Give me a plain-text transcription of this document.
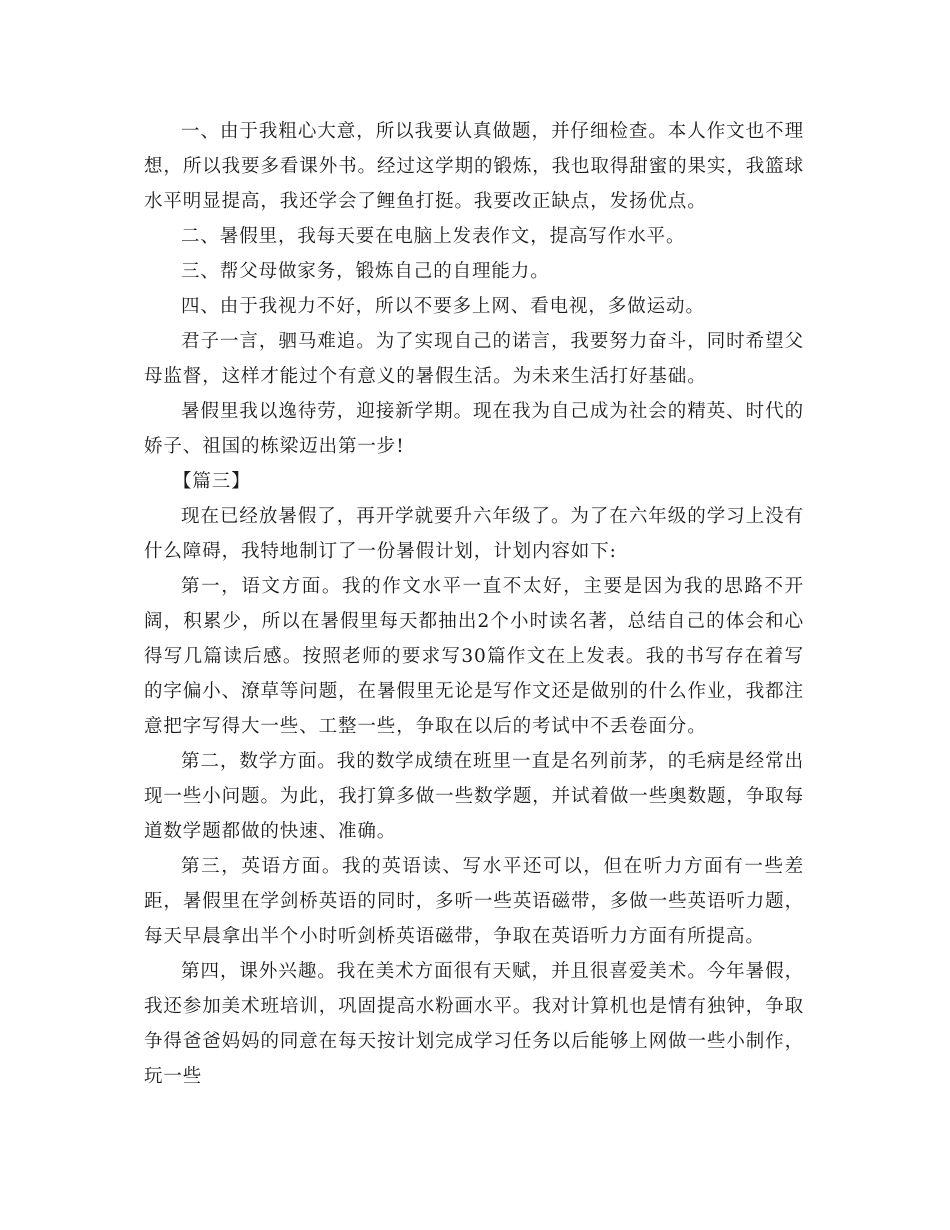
一、由于我粗心大意，所以我要认真做题，并仔细检查。本人作文也不理想，所以我要多看课外书。经过这学期的锻炼，我也取得甜蜜的果实，我篮球水平明显提高，我还学会了鲤鱼打挺。我要改正缺点，发扬优点。

二、暑假里，我每天要在电脑上发表作文，提高写作水平。

三、帮父母做家务，锻炼自己的自理能力。

四、由于我视力不好，所以不要多上网、看电视，多做运动。

君子一言，驷马难追。为了实现自己的诺言，我要努力奋斗，同时希望父母监督，这样才能过个有意义的暑假生活。为未来生活打好基础。

暑假里我以逸待劳，迎接新学期。现在我为自己成为社会的精英、时代的娇子、祖国的栋梁迈出第一步!

【篇三】

现在已经放暑假了，再开学就要升六年级了。为了在六年级的学习上没有什么障碍，我特地制订了一份暑假计划，计划内容如下:

第一，语文方面。我的作文水平一直不太好，主要是因为我的思路不开阔，积累少，所以在暑假里每天都抽出2个小时读名著，总结自己的体会和心得写几篇读后感。按照老师的要求写30篇作文在上发表。我的书写存在着写的字偏小、潦草等问题，在暑假里无论是写作文还是做别的什么作业，我都注意把字写得大一些、工整一些，争取在以后的考试中不丢卷面分。

第二，数学方面。我的数学成绩在班里一直是名列前茅，的毛病是经常出现一些小问题。为此，我打算多做一些数学题，并试着做一些奥数题，争取每道数学题都做的快速、准确。

第三，英语方面。我的英语读、写水平还可以，但在听力方面有一些差距，暑假里在学剑桥英语的同时，多听一些英语磁带，多做一些英语听力题，每天早晨拿出半个小时听剑桥英语磁带，争取在英语听力方面有所提高。

第四，课外兴趣。我在美术方面很有天赋，并且很喜爱美术。今年暑假，我还参加美术班培训，巩固提高水粉画水平。我对计算机也是情有独钟，争取争得爸爸妈妈的同意在每天按计划完成学习任务以后能够上网做一些小制作，玩一些
